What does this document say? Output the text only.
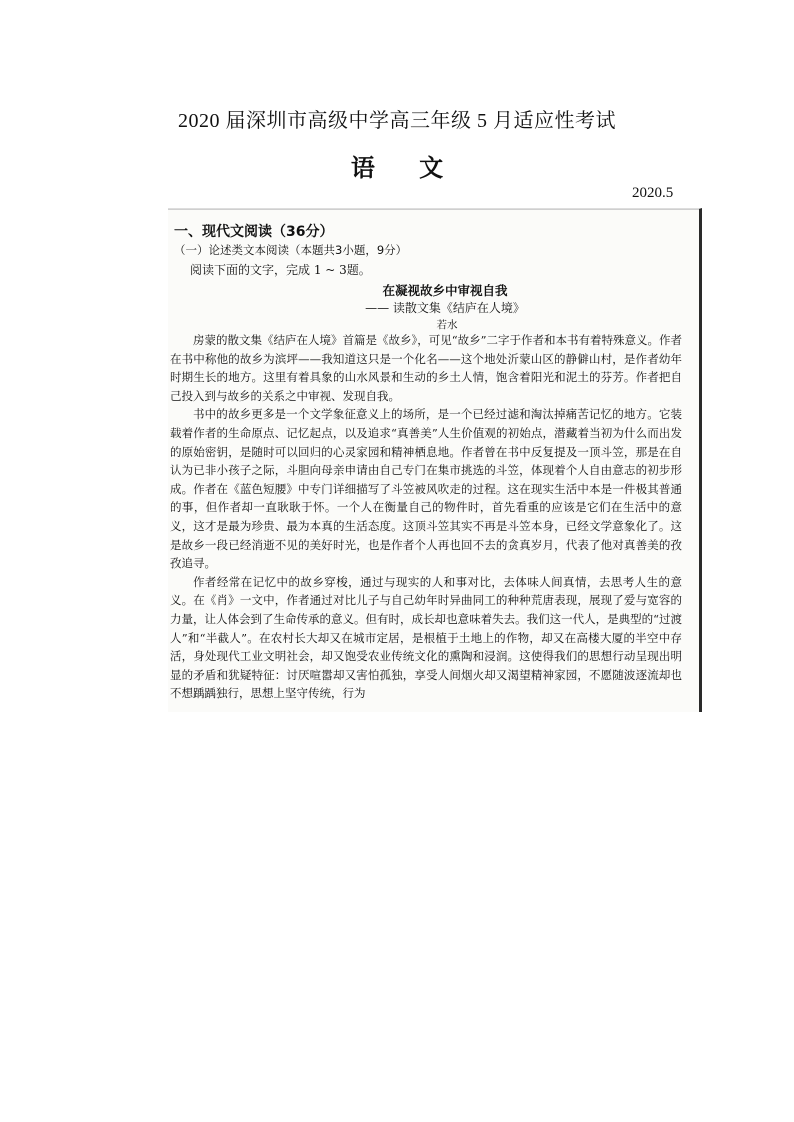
2020 届深圳市高级中学高三年级 5 月适应性考试
语 文
2020.5
一、现代文阅读（36分）
（一）论述类文本阅读（本题共3小题，9分）
阅读下面的文字，完成 1 ~ 3题。
在凝视故乡中审视自我
—— 读散文集《结庐在人境》
若水

房蒙的散文集《结庐在人境》首篇是《故乡》，可见“故乡”二字于作者和本书有着特殊意义。作者在书中称他的故乡为滨坪——我知道这只是一个化名——这个地处沂蒙山区的静僻山村，是作者幼年时期生长的地方。这里有着具象的山水风景和生动的乡土人情，饱含着阳光和泥土的芬芳。作者把自己投入到与故乡的关系之中审视、发现自我。

书中的故乡更多是一个文学象征意义上的场所，是一个已经过滤和淘汰掉痛苦记忆的地方。它装载着作者的生命原点、记忆起点，以及追求“真善美”人生价值观的初始点，潜藏着当初为什么而出发的原始密钥，是随时可以回归的心灵家园和精神栖息地。作者曾在书中反复提及一顶斗笠，那是在自认为已非小孩子之际，斗胆向母亲申请由自己专门在集市挑选的斗笠，体现着个人自由意志的初步形成。作者在《蓝色短腰》中专门详细描写了斗笠被风吹走的过程。这在现实生活中本是一件极其普通的事，但作者却一直耿耿于怀。一个人在衡量自己的物件时，首先看重的应该是它们在生活中的意义，这才是最为珍贵、最为本真的生活态度。这顶斗笠其实不再是斗笠本身，已经文学意象化了。这是故乡一段已经消逝不见的美好时光，也是作者个人再也回不去的贪真岁月，代表了他对真善美的孜孜追寻。

作者经常在记忆中的故乡穿梭，通过与现实的人和事对比，去体味人间真情，去思考人生的意义。在《肖》一文中，作者通过对比儿子与自己幼年时异曲同工的种种荒唐表现，展现了爱与宽容的力量，让人体会到了生命传承的意义。但有时，成长却也意味着失去。我们这一代人，是典型的“过渡人”和“半截人”。在农村长大却又在城市定居，是根植于土地上的作物，却又在高楼大厦的半空中存活，身处现代工业文明社会，却又饱受农业传统文化的熏陶和浸润。这使得我们的思想行动呈现出明显的矛盾和犹疑特征：讨厌喧嚣却又害怕孤独，享受人间烟火却又渴望精神家园，不愿随波逐流却也不想踽踽独行，思想上坚守传统，行为
